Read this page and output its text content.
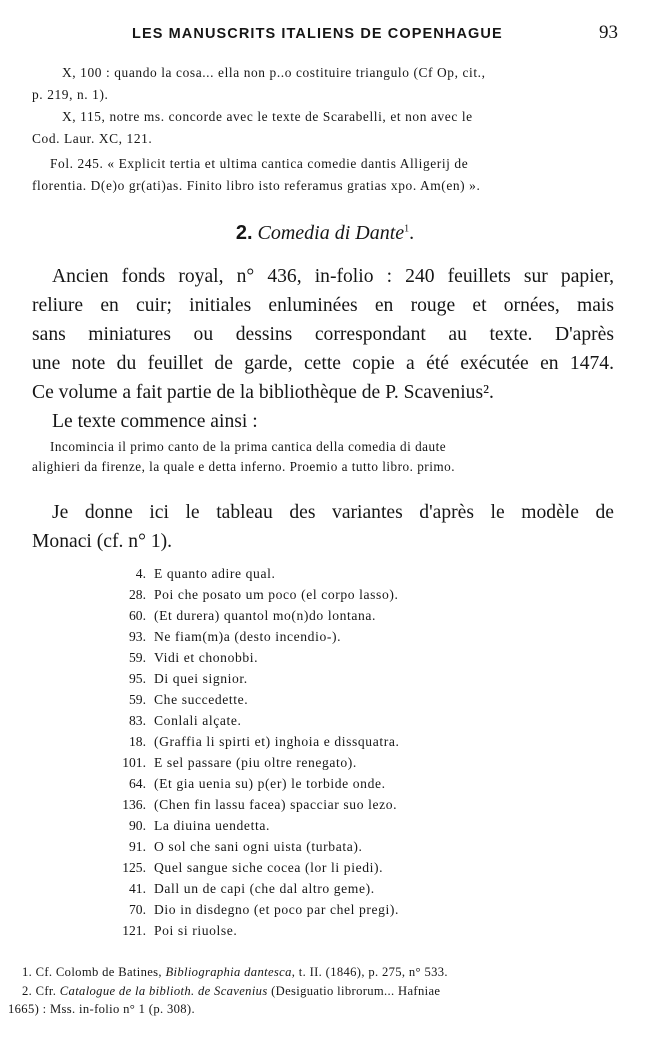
LES MANUSCRITS ITALIENS DE COPENHAGUE	93
X, 100 : quando la cosa... ella non p..o costituire triangulo (Cf Op, cit.,
p. 219, n. 1).
X, 115, notre ms. concorde avec le texte de Scarabelli, et non avec le
Cod. Laur. XC, 121.
Fol. 245. « Explicit tertia et ultima cantica comedie dantis Alligerij de
florentia. D(e)o gr(ati)as. Finito libro isto referamus gratias xpo. Am(en) ».
2. Comedia di Dante$^1$.
Ancien fonds royal, n° 436, in-folio : 240 feuillets sur papier,
reliure en cuir; initiales enluminées en rouge et ornées, mais
sans miniatures ou dessins correspondant au texte. D'après
une note du feuillet de garde, cette copie a été exécutée en 1474.
Ce volume a fait partie de la bibliothèque de P. Scavenius².
Le texte commence ainsi :
Incomincia il primo canto de la prima cantica della comedia di daute
alighieri da firenze, la quale e detta inferno. Proemio a tutto libro. primo.
Je donne ici le tableau des variantes d'après le modèle de
Monaci (cf. n° 1).
4. E quanto adire qual.
28. Poi che posato um poco (el corpo lasso).
60. (Et durera) quantol mo(n)do lontana.
93. Ne fiam(m)a (desto incendio-).
59. Vidi et chonobbi.
95. Di quei signior.
59. Che succedette.
83. Conlali alçate.
18. (Graffia li spirti et) inghoia e dissquatra.
101. E sel passare (piu oltre renegato).
64. (Et gia uenia su) p(er) le torbide onde.
136. (Chen fin lassu facea) spacciar suo lezo.
90. La diuina uendetta.
91. O sol che sani ogni uista (turbata).
125. Quel sangue siche cocea (lor li piedi).
41. Dall un de capi (che dal altro geme).
70. Dio in disdegno (et poco par chel pregi).
121. Poi si riuolse.
1. Cf. Colomb de Batines, Bibliographia dantesca, t. II. (1846), p. 275, n° 533.
2. Cfr. Catalogue de la biblioth. de Scavenius (Desiguatio librorum... Hafniae
1665) : Mss. in-folio n° 1 (p. 308).
